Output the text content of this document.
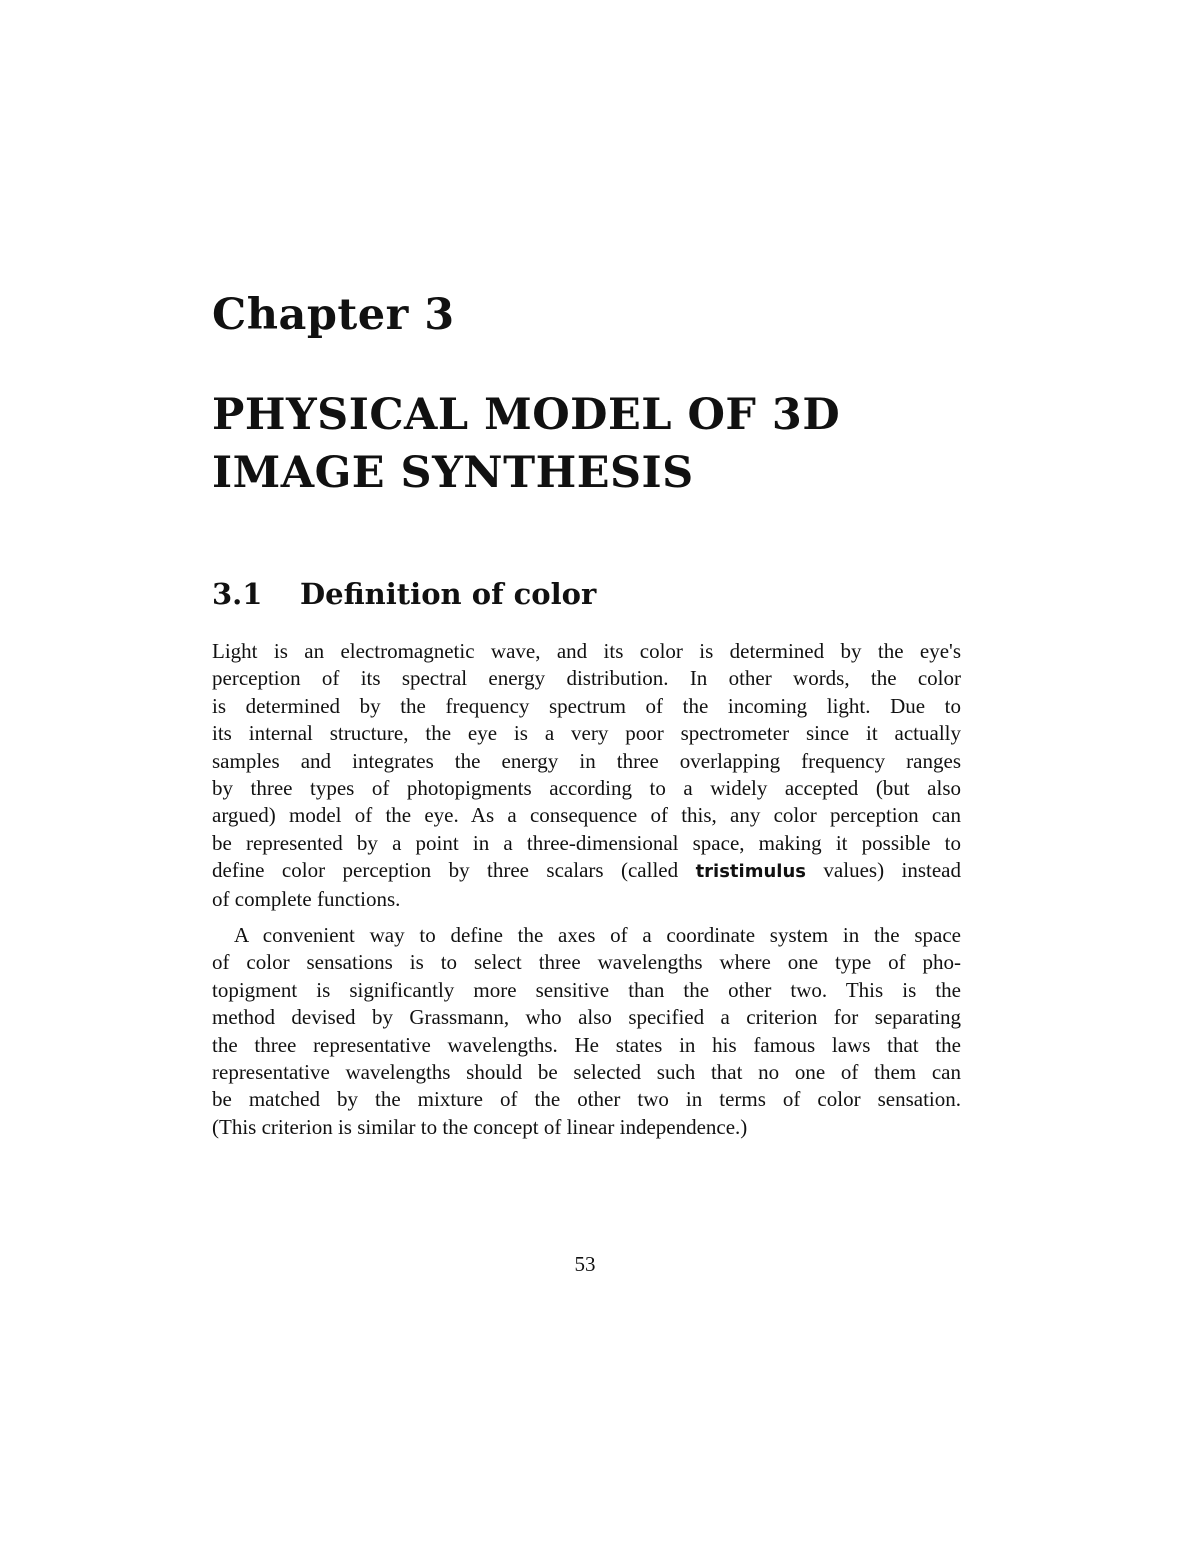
Chapter 3
PHYSICAL MODEL OF 3D
IMAGE SYNTHESIS
3.1 Definition of color

Light is an electromagnetic wave, and its color is determined by the eye's
perception of its spectral energy distribution. In other words, the color
is determined by the frequency spectrum of the incoming light. Due to
its internal structure, the eye is a very poor spectrometer since it actually
samples and integrates the energy in three overlapping frequency ranges
by three types of photopigments according to a widely accepted (but also
argued) model of the eye. As a consequence of this, any color perception can
be represented by a point in a three-dimensional space, making it possible to
define color perception by three scalars (called tristimulus values) instead
of complete functions.

A convenient way to define the axes of a coordinate system in the space
of color sensations is to select three wavelengths where one type of pho-
topigment is significantly more sensitive than the other two. This is the
method devised by Grassmann, who also specified a criterion for separating
the three representative wavelengths. He states in his famous laws that the
representative wavelengths should be selected such that no one of them can
be matched by the mixture of the other two in terms of color sensation.
(This criterion is similar to the concept of linear independence.)

53
